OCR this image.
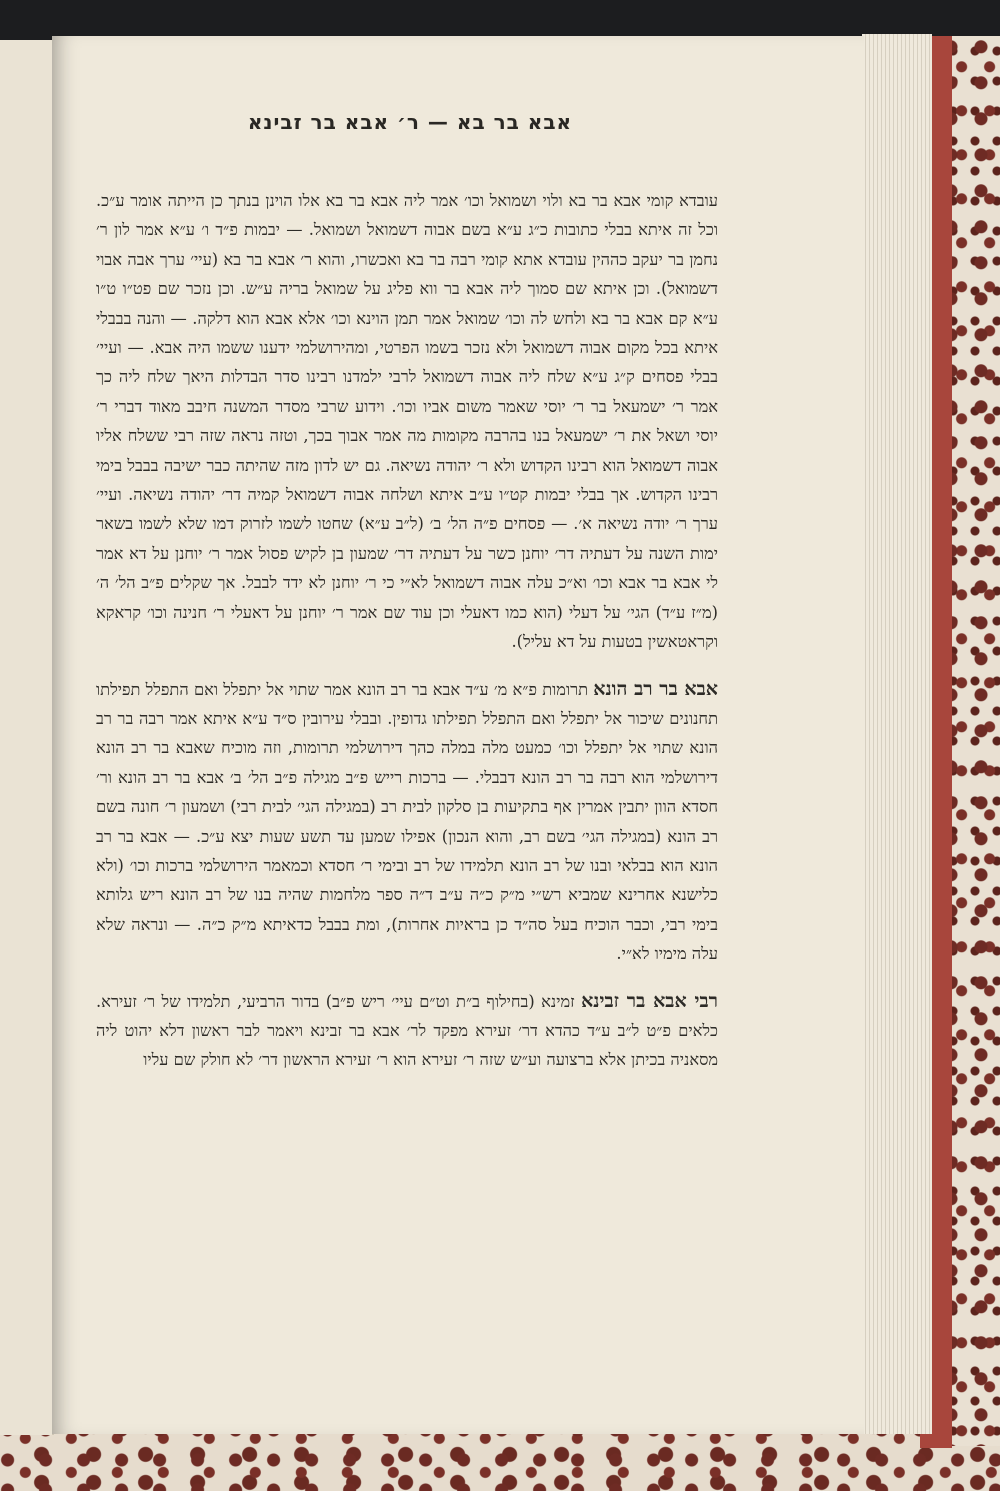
אבא בר בא — ר׳ אבא בר זבינא

עובדא קומי אבא בר בא ולוי ושמואל וכו׳ אמר ליה אבא בר בא אלו הוינן בנתך כן הייתה אומר ע״כ. וכל זה איתא בבלי כתובות כ״ג ע״א בשם אבוה דשמואל ושמואל. — יבמות פ״ד ו׳ ע״א אמר לון ר׳ נחמן בר יעקב כההין עובדא אתא קומי רבה בר בא ואכשרו, והוא ר׳ אבא בר בא (עיי׳ ערך אבה אבוי דשמואל). וכן איתא שם סמוך ליה אבא בר ווא פליג על שמואל בריה ע״ש. וכן נזכר שם פט״ו ט״ו ע״א קם אבא בר בא ולחש לה וכו׳ שמואל אמר תמן הוינא וכו׳ אלא אבא הוא דלקה. — והנה בבבלי איתא בכל מקום אבוה דשמואל ולא נזכר בשמו הפרטי, ומהירושלמי ידענו ששמו היה אבא. — ועיי׳ בבלי פסחים ק״ג ע״א שלח ליה אבוה דשמואל לרבי ילמדנו רבינו סדר הבדלות היאך שלח ליה כך אמר ר׳ ישמעאל בר ר׳ יוסי שאמר משום אביו וכו׳. וידוע שרבי מסדר המשנה חיבב מאוד דברי ר׳ יוסי ושאל את ר׳ ישמעאל בנו בהרבה מקומות מה אמר אבוך בכך, וטזה נראה שזה רבי ששלח אליו אבוה דשמואל הוא רבינו הקדוש ולא ר׳ יהודה נשיאה. גם יש לדון מזה שהיתה כבר ישיבה בבבל בימי רבינו הקדוש. אך בבלי יבמות קט״ו ע״ב איתא ושלחה אבוה דשמואל קמיה דר׳ יהודה נשיאה. ועיי׳ ערך ר׳ יודה נשיאה א׳. — פסחים פ״ה הל׳ ב׳ (ל״ב ע״א) שחטו לשמו לזרוק דמו שלא לשמו בשאר ימות השנה על דעתיה דר׳ יוחנן כשר על דעתיה דר׳ שמעון בן לקיש פסול אמר ר׳ יוחנן על דא אמר לי אבא בר אבא וכו׳ וא״כ עלה אבוה דשמואל לא״י כי ר׳ יוחנן לא ידד לבבל. אך שקלים פ״ב הל׳ ה׳ (מ״ז ע״ד) הגי׳ על דעלי (הוא כמו דאעלי וכן עוד שם אמר ר׳ יוחנן על דאעלי ר׳ חנינה וכו׳ קראקא וקראטאשין בטעות על דא עליל).

אבא בר רב הונא תרומות פ״א מ׳ ע״ד אבא בר רב הונא אמר שתוי אל יתפלל ואם התפלל תפילתו תחנונים שיכור אל יתפלל ואם התפלל תפילתו גדופין. ובבלי עירובין ס״ד ע״א איתא אמר רבה בר רב הונא שתוי אל יתפלל וכו׳ כמעט מלה במלה כהך דירושלמי תרומות, וזה מוכיח שאבא בר רב הונא דירושלמי הוא רבה בר רב הונא דבבלי. — ברכות רייש פ״ב מגילה פ״ב הל׳ ב׳ אבא בר רב הונא ור׳ חסדא הוון יתבין אמרין אף בתקיעות בן סלקון לבית רב (במגילה הגי׳ לבית רבי) ושמעון ר׳ חונה בשם רב הונא (במגילה הגי׳ בשם רב, והוא הנכון) אפילו שמען עד תשע שעות יצא ע״כ. — אבא בר רב הונא הוא בבלאי ובנו של רב הונא תלמידו של רב ובימי ר׳ חסדא וכמאמר הירושלמי ברכות וכו׳ (ולא כלישנא אחרינא שמביא רש״י מ״ק כ״ה ע״ב ד״ה ספר מלחמות שהיה בנו של רב הונא ריש גלותא בימי רבי, וכבר הוכיח בעל סה״ד כן בראיות אחרות), ומת בבבל כדאיתא מ״ק כ״ה. — ונראה שלא עלה מימיו לא״י.

רבי אבא בר זבינא זמינא (בחילוף ב״ת וט״ם עיי׳ ריש פ״ב) בדור הרביעי, תלמידו של ר׳ זעירא. כלאים פ״ט ל״ב ע״ד כהדא דר׳ זעירא מפקד לר׳ אבא בר זבינא ויאמר לבר ראשון דלא יהוט ליה מסאניה בכיתן אלא ברצועה וע״ש שזה ר׳ זעירא הוא ר׳ זעירא הראשון דר׳ לא חולק שם עליו
